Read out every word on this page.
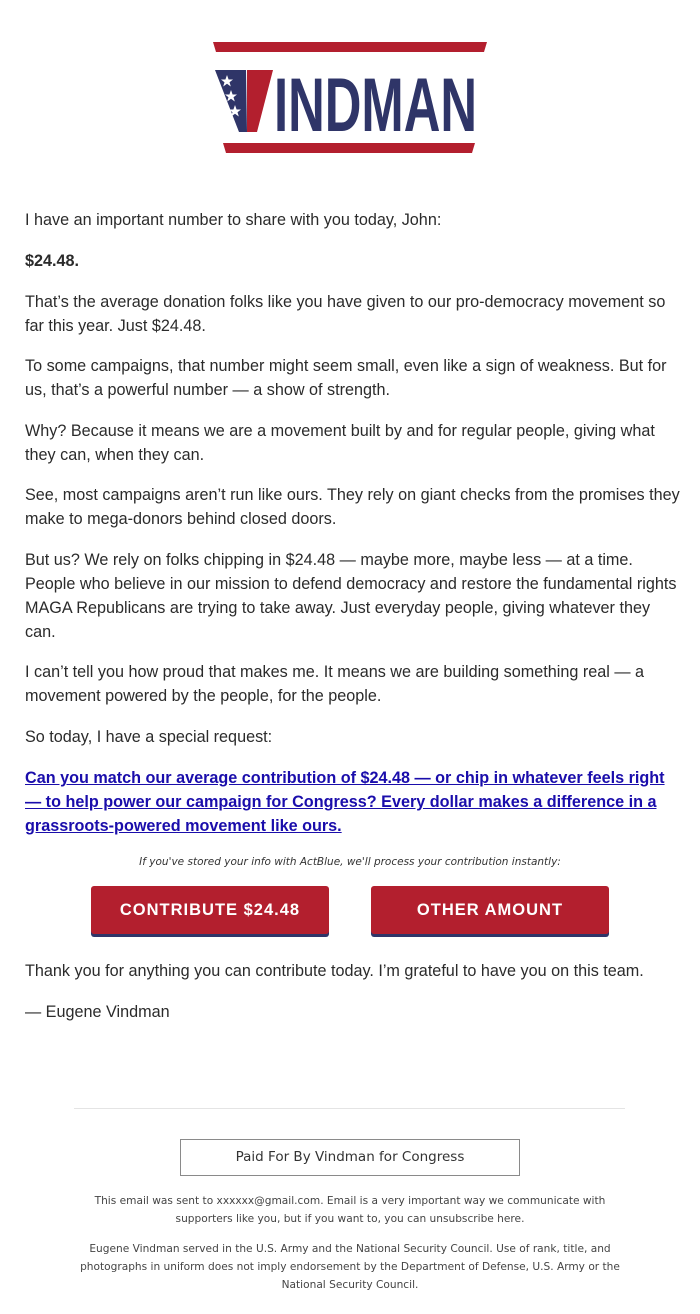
INDMAN

I have an important number to share with you today, John:

$24.48.

That’s the average donation folks like you have given to our pro-democracy movement so far this year. Just $24.48.

To some campaigns, that number might seem small, even like a sign of weakness. But for us, that’s a powerful number — a show of strength.

Why? Because it means we are a movement built by and for regular people, giving what they can, when they can.

See, most campaigns aren’t run like ours. They rely on giant checks from the promises they make to mega-donors behind closed doors.

But us? We rely on folks chipping in $24.48 — maybe more, maybe less — at a time. People who believe in our mission to defend democracy and restore the fundamental rights MAGA Republicans are trying to take away. Just everyday people, giving whatever they can.

I can’t tell you how proud that makes me. It means we are building something real — a movement powered by the people, for the people.

So today, I have a special request:

Can you match our average contribution of $24.48 — or chip in whatever feels right — to help power our campaign for Congress? Every dollar makes a difference in a grassroots-powered movement like ours.

Thank you for anything you can contribute today. I’m grateful to have you on this team.

— Eugene Vindman

If you've stored your info with ActBlue, we'll process your contribution instantly:
CONTRIBUTE $24.48	OTHER AMOUNT
Paid For By Vindman for Congress
This email was sent to xxxxxx@gmail.com. Email is a very important way we communicate with supporters like you, but if you want to, you can unsubscribe here.
Eugene Vindman served in the U.S. Army and the National Security Council. Use of rank, title, and photographs in uniform does not imply endorsement by the Department of Defense, U.S. Army or the National Security Council.
